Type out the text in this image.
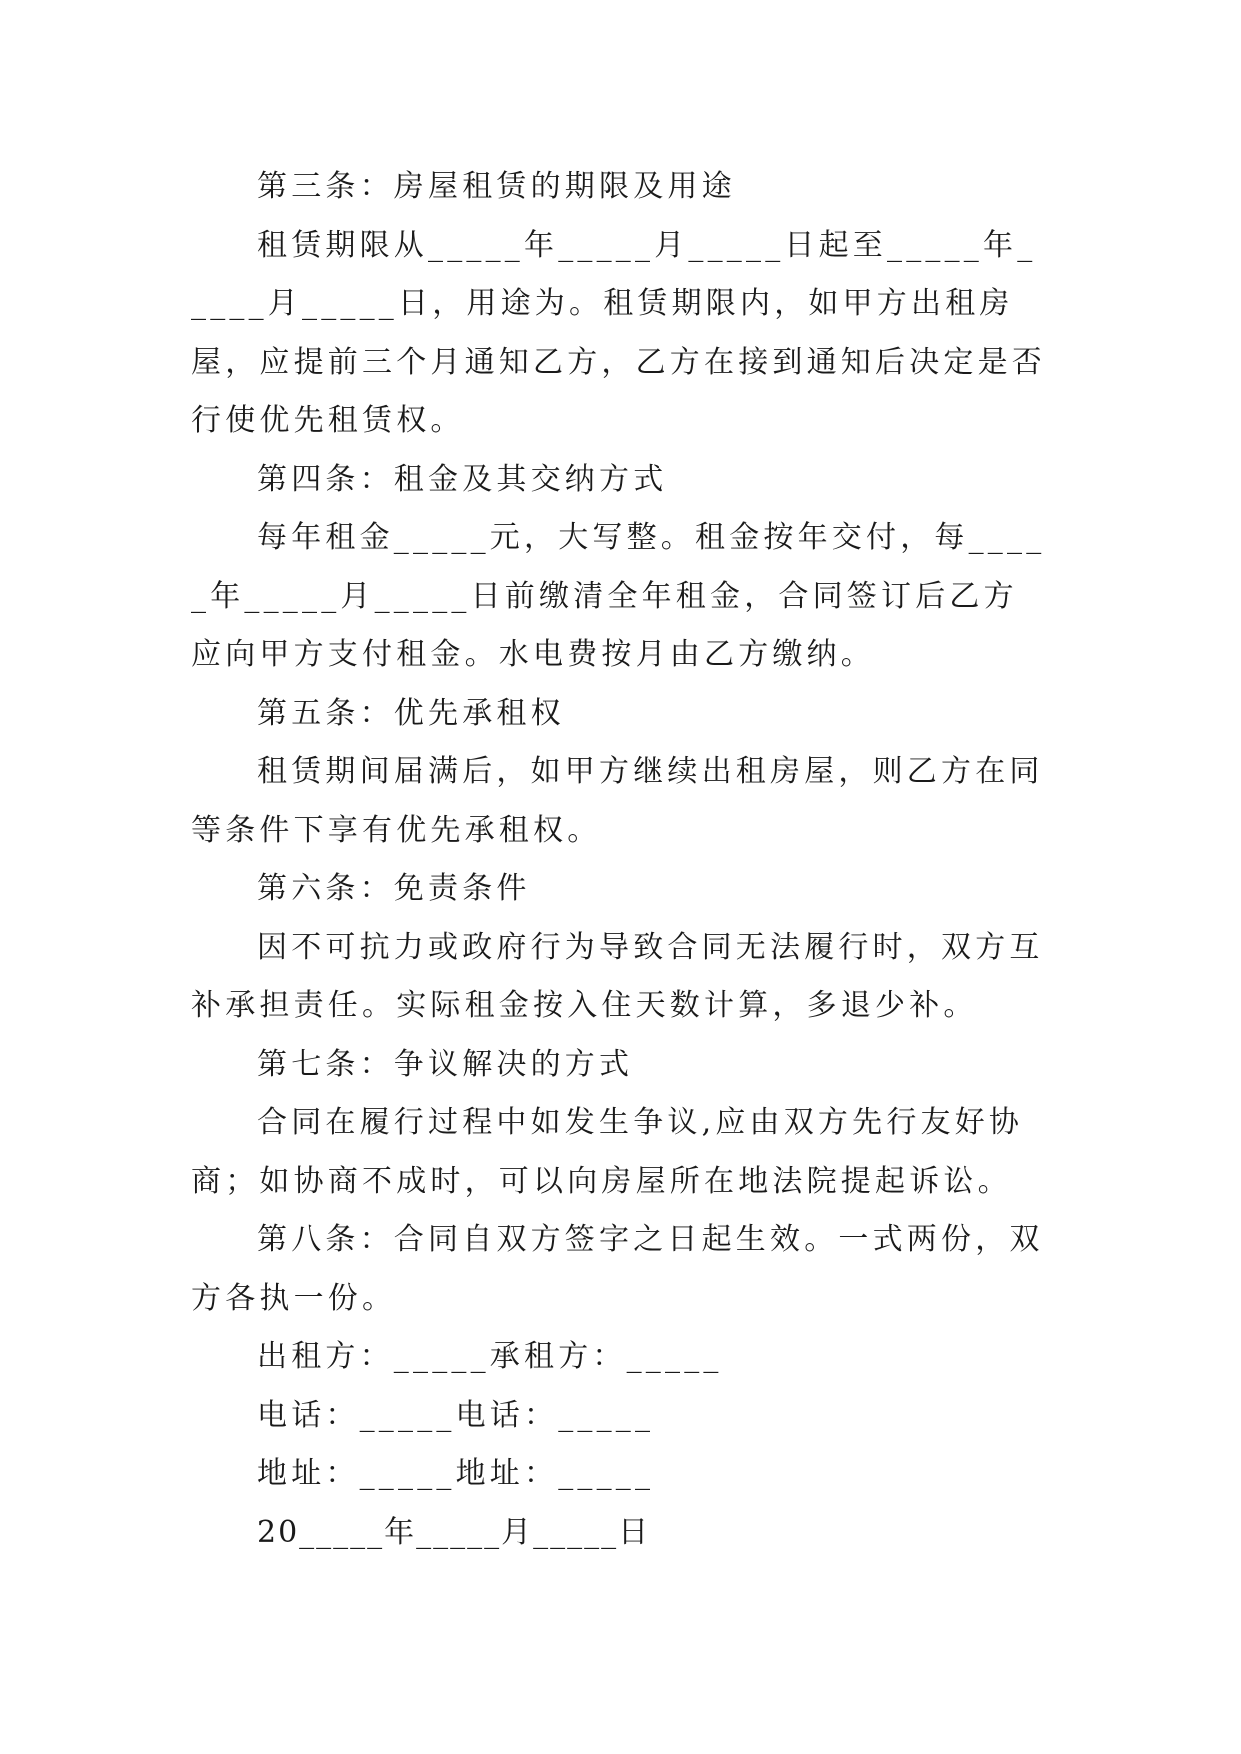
第三条：房屋租赁的期限及用途

租赁期限从_____年_____月_____日起至_____年_____月_____日，用途为。租赁期限内，如甲方出租房屋，应提前三个月通知乙方，乙方在接到通知后决定是否行使优先租赁权。

第四条：租金及其交纳方式

每年租金_____元，大写整。租金按年交付，每_____年_____月_____日前缴清全年租金，合同签订后乙方应向甲方支付租金。水电费按月由乙方缴纳。

第五条：优先承租权

租赁期间届满后，如甲方继续出租房屋，则乙方在同等条件下享有优先承租权。

第六条：免责条件

因不可抗力或政府行为导致合同无法履行时，双方互补承担责任。实际租金按入住天数计算，多退少补。

第七条：争议解决的方式

合同在履行过程中如发生争议,应由双方先行友好协商；如协商不成时，可以向房屋所在地法院提起诉讼。

第八条：合同自双方签字之日起生效。一式两份，双方各执一份。

出租方：_____承租方：_____

电话：_____电话：_____

地址：_____地址：_____

20_____年_____月_____日
